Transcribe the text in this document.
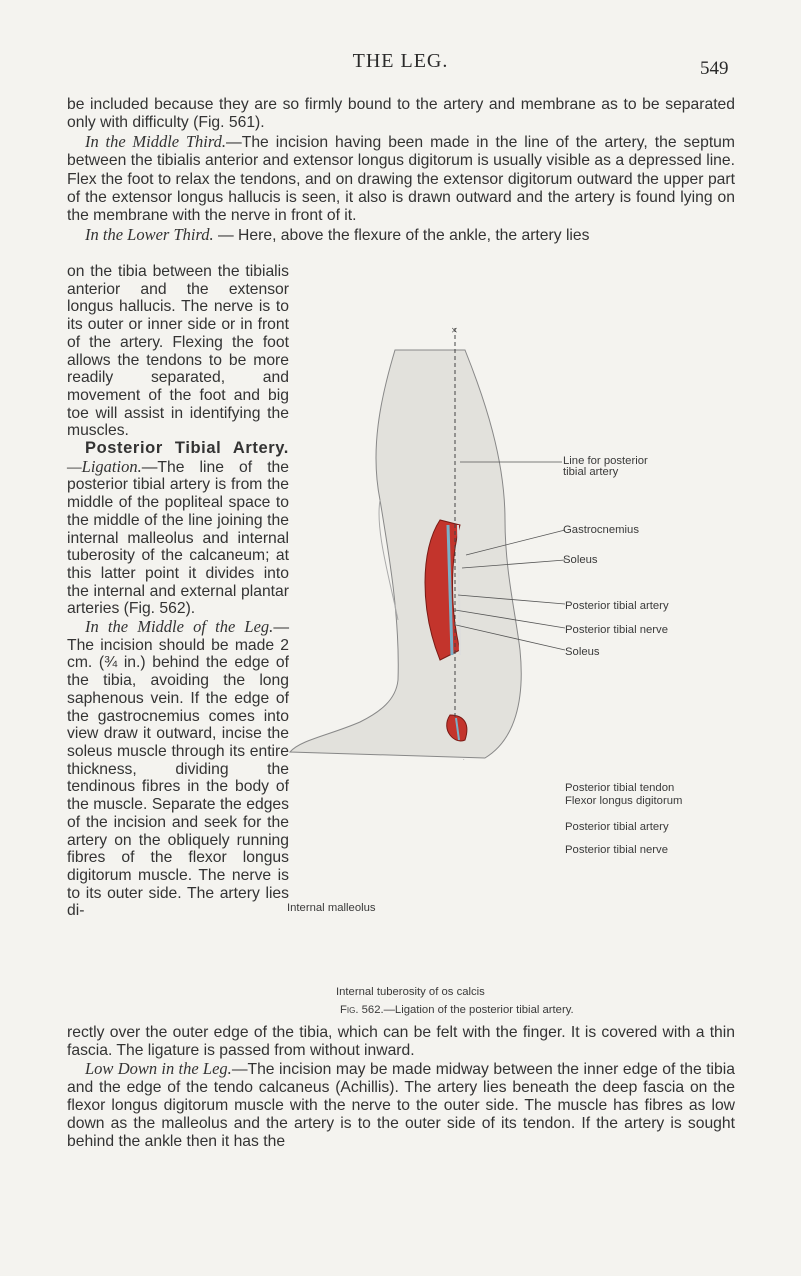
THE LEG.	549

be included because they are so firmly bound to the artery and membrane as to be separated only with difficulty (Fig. 561).

In the Middle Third.—The incision having been made in the line of the artery, the septum between the tibialis anterior and extensor longus digitorum is usually visible as a depressed line. Flex the foot to relax the tendons, and on drawing the extensor digitorum outward the upper part of the extensor longus hallucis is seen, it also is drawn outward and the artery is found lying on the membrane with the nerve in front of it.

In the Lower Third. — Here, above the flexure of the ankle, the artery lies

on the tibia between the tibialis anterior and the extensor longus hallucis. The nerve is to its outer or inner side or in front of the artery. Flexing the foot allows the tendons to be more readily separated, and movement of the foot and big toe will assist in identifying the muscles.

Posterior Tibial Artery.—Ligation.—The line of the posterior tibial artery is from the middle of the popliteal space to the middle of the line joining the internal malleolus and internal tuberosity of the calcaneum; at this latter point it divides into the internal and external plantar arteries (Fig. 562).

In the Middle of the Leg.—The incision should be made 2 cm. (¾ in.) behind the edge of the tibia, avoiding the long saphenous vein. If the edge of the gastrocnemius comes into view draw it outward, incise the soleus muscle through its entire thickness, dividing the tendinous fibres in the body of the muscle. Separate the edges of the incision and seek for the artery on the obliquely running fibres of the flexor longus digitorum muscle. The nerve is to its outer side. The artery lies di-

×
Line for posterior
tibial artery
Gastrocnemius
Soleus
Posterior tibial artery
Posterior tibial nerve
Soleus
Posterior tibial tendon
Flexor longus digitorum
Posterior tibial artery
Posterior tibial nerve
Internal malleolus
Internal tuberosity of os calcis
Fig. 562.—Ligation of the posterior tibial artery.

rectly over the outer edge of the tibia, which can be felt with the finger. It is covered with a thin fascia. The ligature is passed from without inward.

Low Down in the Leg.—The incision may be made midway between the inner edge of the tibia and the edge of the tendo calcaneus (Achillis). The artery lies beneath the deep fascia on the flexor longus digitorum muscle with the nerve to the outer side. The muscle has fibres as low down as the malleolus and the artery is to the outer side of its tendon. If the artery is sought behind the ankle then it has the
